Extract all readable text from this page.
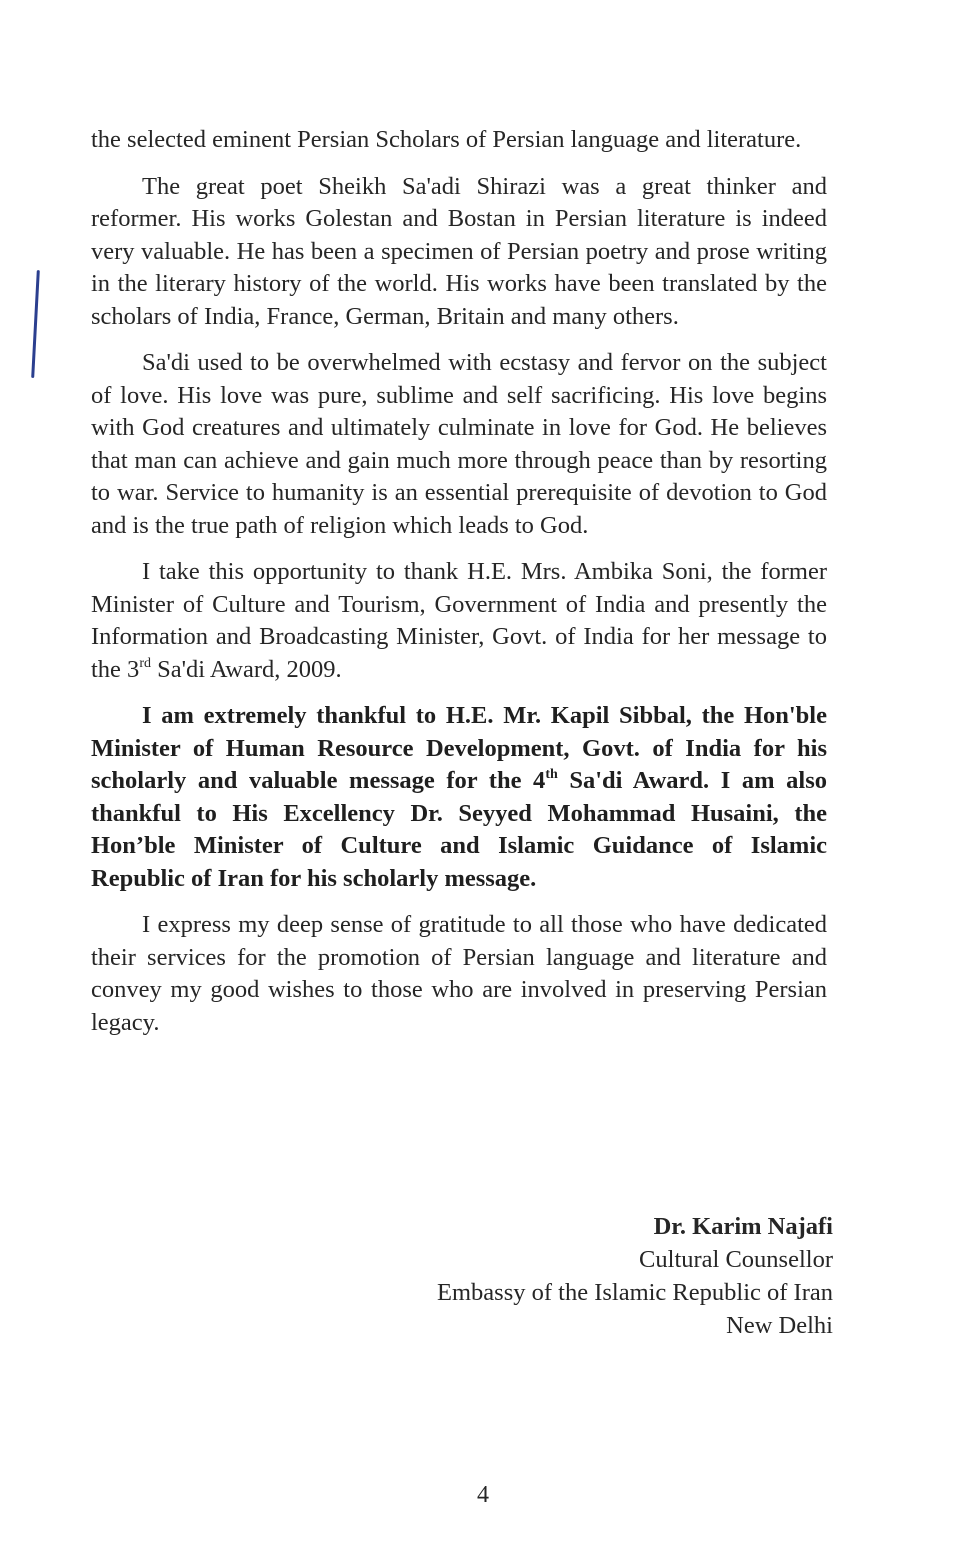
the selected eminent Persian Scholars of Persian language and literature.

The great poet Sheikh Sa'adi Shirazi was a great thinker and reformer. His works Golestan and Bostan in Persian literature is indeed very valuable. He has been a specimen of Persian poetry and prose writing in the literary history of the world. His works have been translated by the scholars of India, France, German, Britain and many others.

Sa'di used to be overwhelmed with ecstasy and fervor on the subject of love. His love was pure, sublime and self sacrificing. His love begins with God creatures and ultimately culminate in love for God. He believes that man can achieve and gain much more through peace than by resorting to war. Service to humanity is an essential prerequisite of devotion to God and is the true path of religion which leads to God.

I take this opportunity to thank H.E. Mrs. Ambika Soni, the former Minister of Culture and Tourism, Government of India and presently the Information and Broadcasting Minister, Govt. of India for her message to the 3rd Sa'di Award, 2009.

I am extremely thankful to H.E. Mr. Kapil Sibbal, the Hon'ble Minister of Human Resource Development, Govt. of India for his scholarly and valuable message for the 4th Sa'di Award. I am also thankful to His Excellency Dr. Seyyed Mohammad Husaini, the Hon’ble Minister of Culture and Islamic Guidance of Islamic Republic of Iran for his scholarly message.

I express my deep sense of gratitude to all those who have dedicated their services for the promotion of Persian language and literature and convey my good wishes to those who are involved in preserving Persian legacy.

Dr. Karim Najafi
Cultural Counsellor
Embassy of the Islamic Republic of Iran
New Delhi
4
